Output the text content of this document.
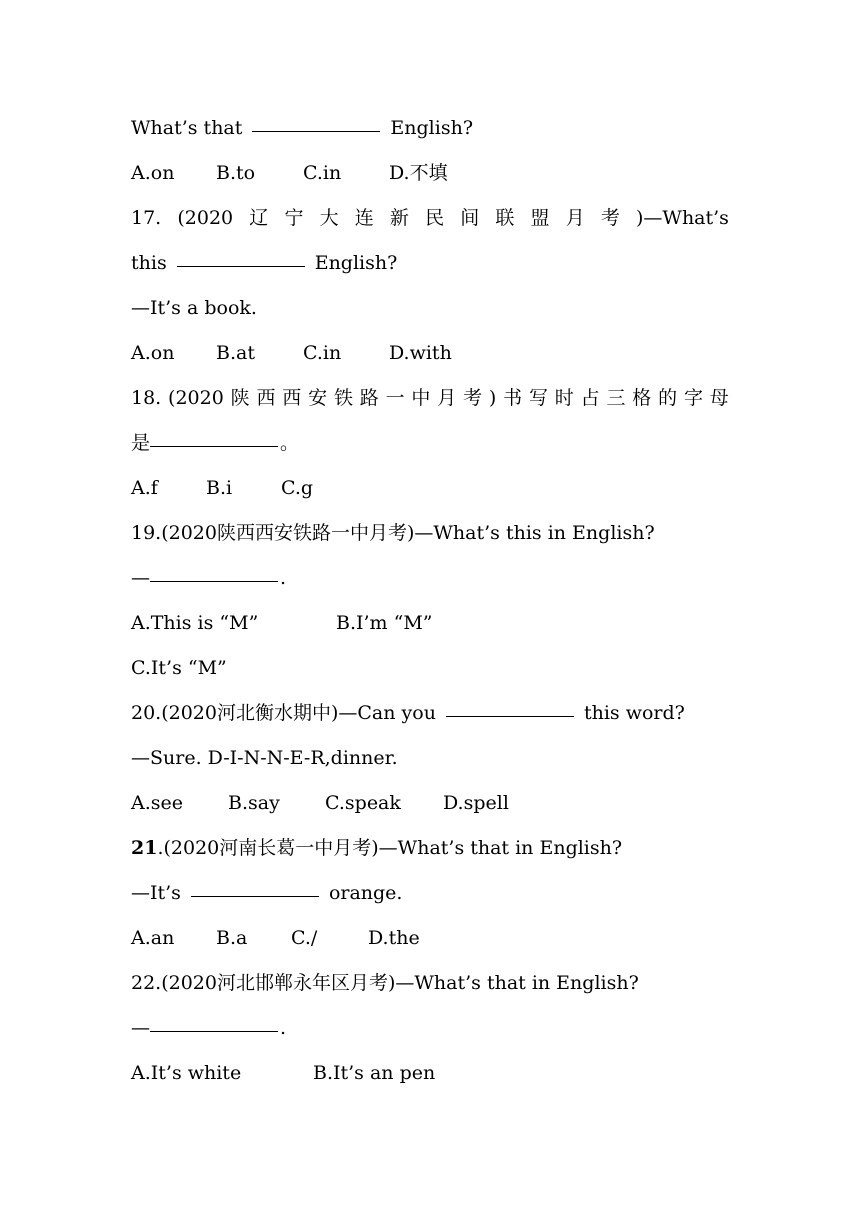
What’s that	English?
A.on B.to	C.in	D.不填
17. (2020 辽 宁 大 连 新 民 间 联 盟 月 考 )—What’s
this	English?
—It’s a book.
A.on B.at	C.in	D.with
18. (2020 陕 西 西 安 铁 路 一 中 月 考 ) 书 写 时 占 三 格 的 字 母
是	。
A.f	B.i	C.g
19.(2020陕西西安铁路一中月考)—What’s this in English?
—	.
A.This is “M”	B.I’m “M”
C.It’s “M”
20.(2020河北衡水期中)—Can you	this word?
—Sure. D-I-N-N-E-R,dinner.
A.see B.say C.speak D.spell
21.(2020河南长葛一中月考)—What’s that in English?
—It’s	orange.
A.an B.a C./	D.the
22.(2020河北邯郸永年区月考)—What’s that in English?
—	.
A.It’s white	B.It’s an pen
